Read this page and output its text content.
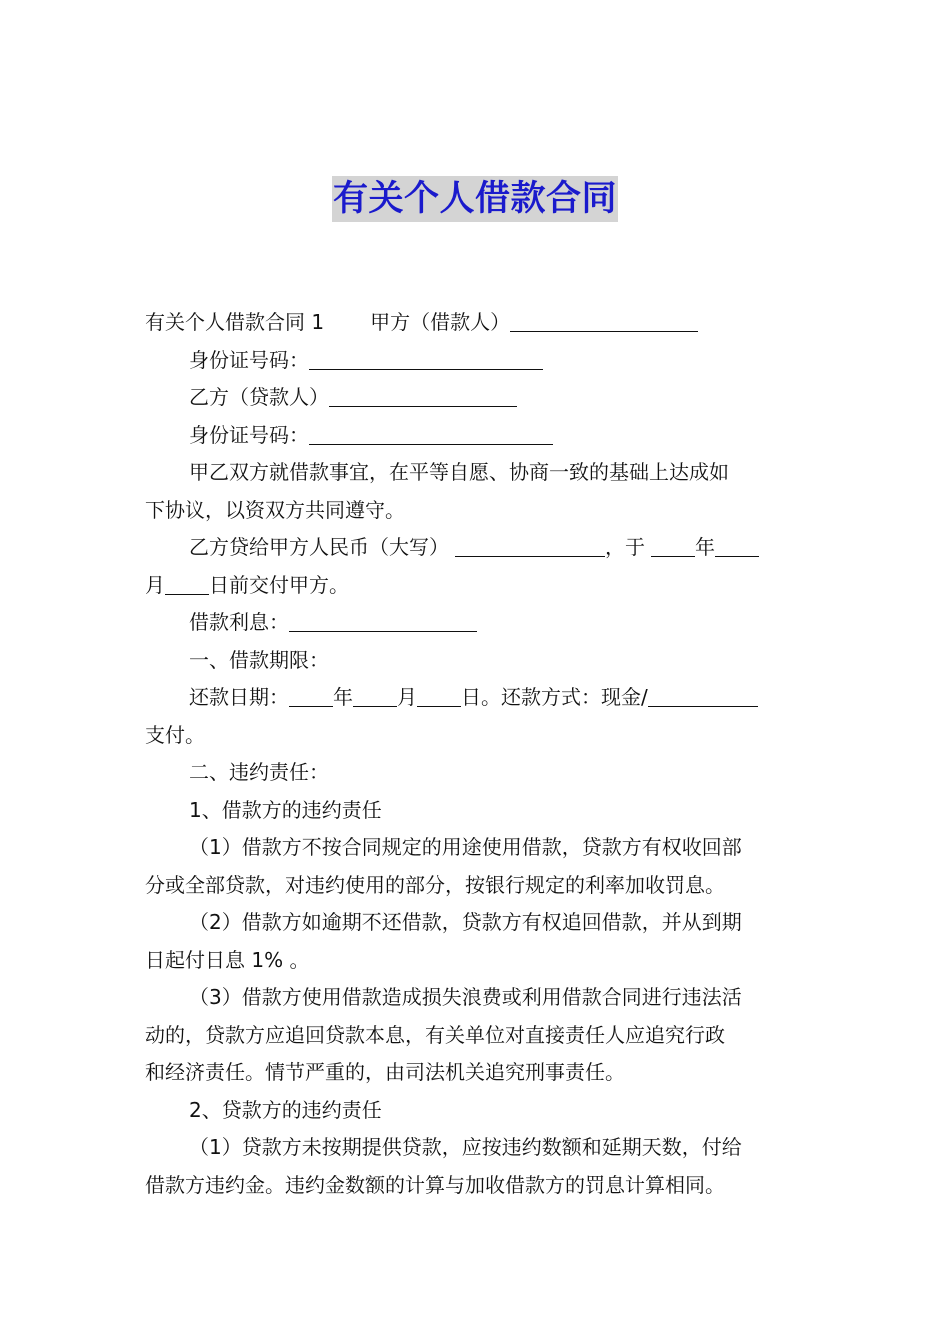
有关个人借款合同
有关个人借款合同 1 甲方（借款人）
身份证号码：
乙方（贷款人）
身份证号码：
甲乙双方就借款事宜，在平等自愿、协商一致的基础上达成如
下协议，以资双方共同遵守。
乙方贷给甲方人民币（大写）	，于	年
月 日前交付甲方。
借款利息：
一、借款期限：
还款日期： 年 月 日。还款方式：现金/
支付。
二、违约责任：
1、借款方的违约责任
（1）借款方不按合同规定的用途使用借款，贷款方有权收回部
分或全部贷款，对违约使用的部分，按银行规定的利率加收罚息。
（2）借款方如逾期不还借款，贷款方有权追回借款，并从到期
日起付日息 1% 。
（3）借款方使用借款造成损失浪费或利用借款合同进行违法活
动的，贷款方应追回贷款本息，有关单位对直接责任人应追究行政
和经济责任。情节严重的，由司法机关追究刑事责任。
2、贷款方的违约责任
（1）贷款方未按期提供贷款，应按违约数额和延期天数，付给
借款方违约金。违约金数额的计算与加收借款方的罚息计算相同。
